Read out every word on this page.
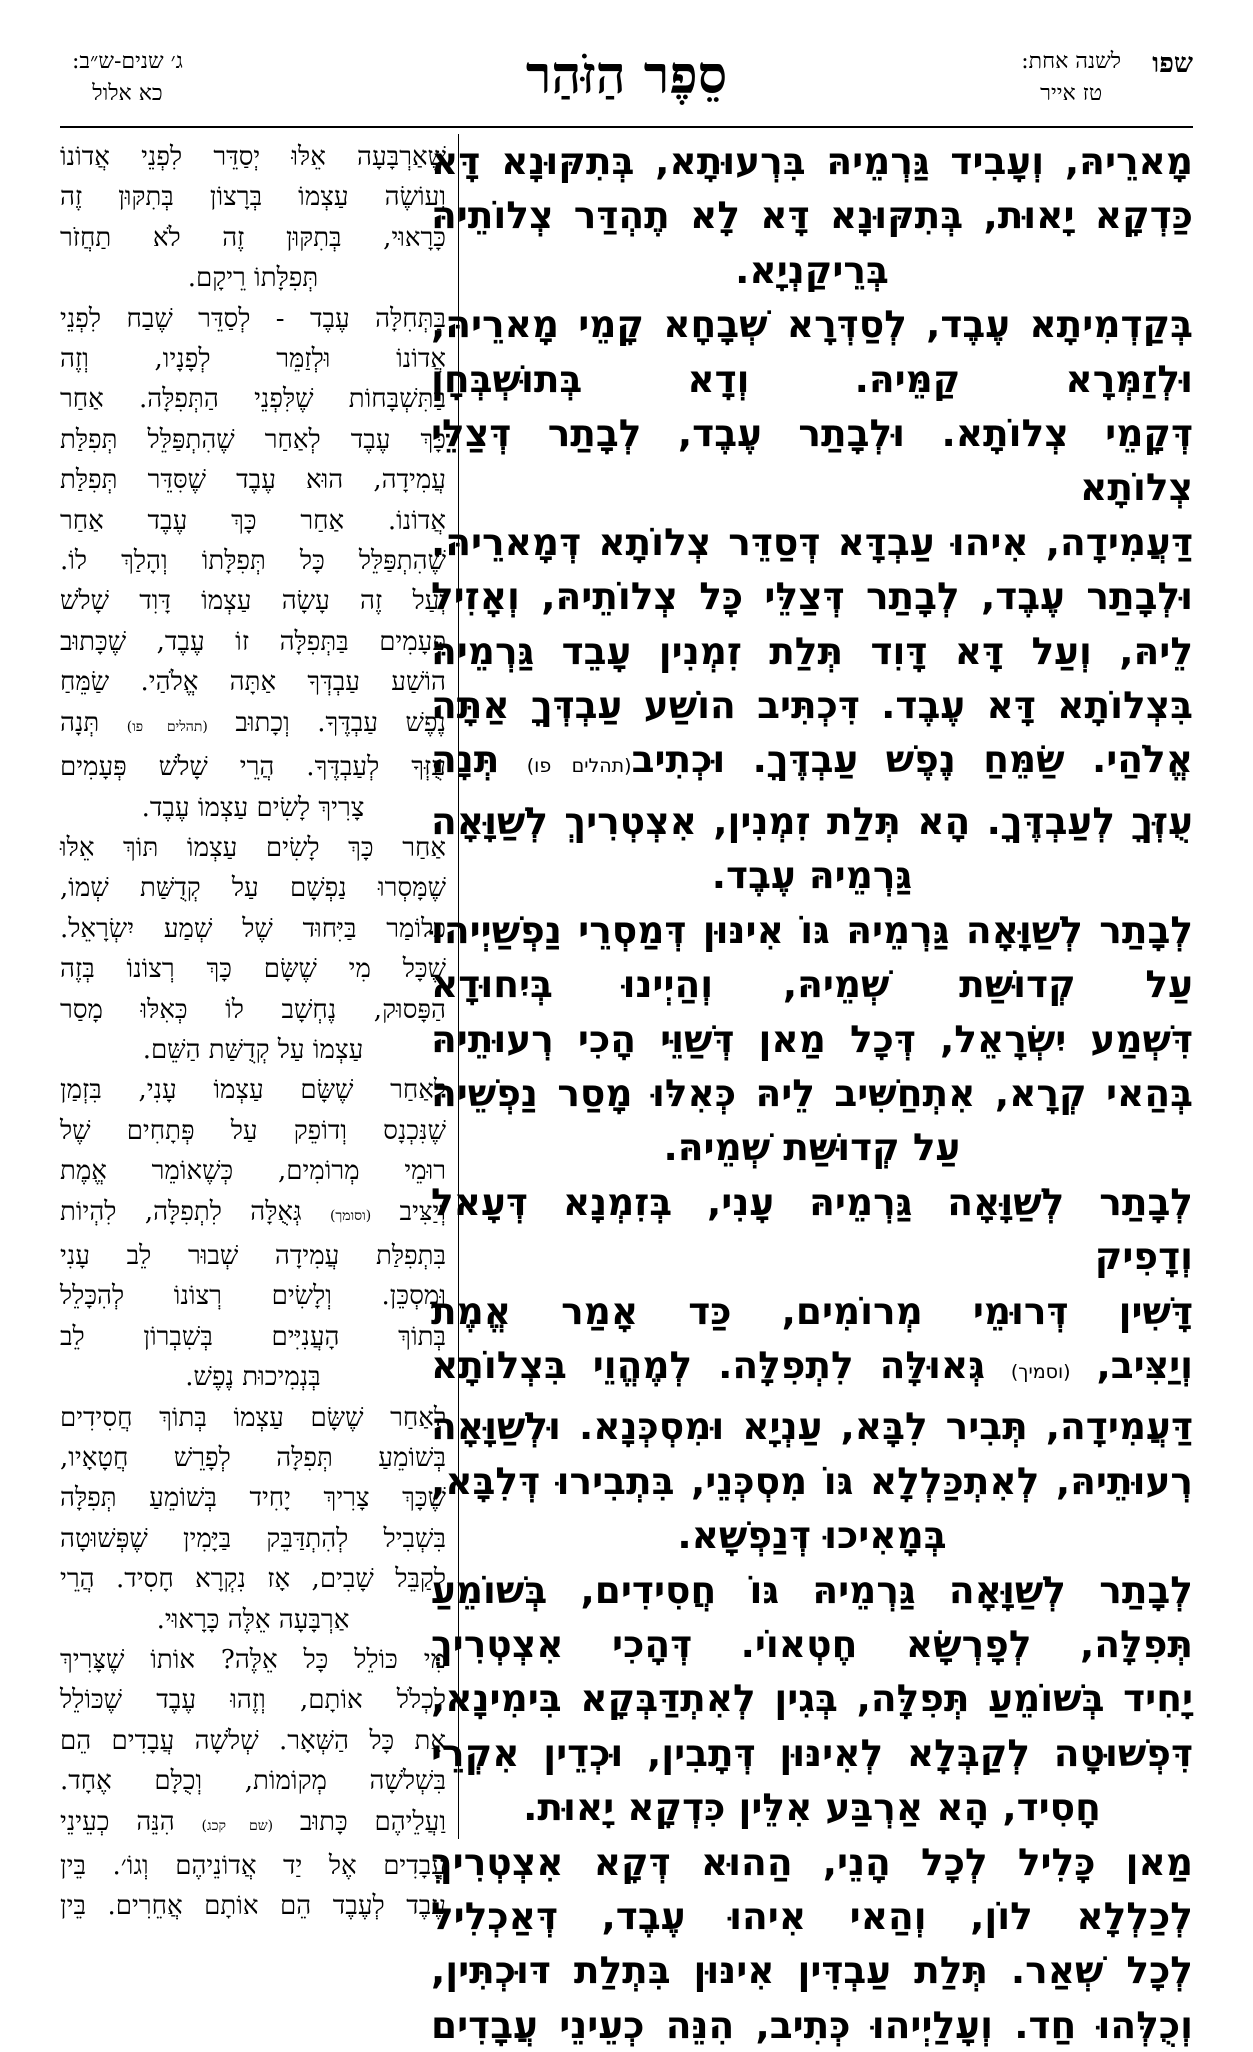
שפו
לשנה אחת:
טז אייר
סֵפֶר הַזֹּהַר
ג׳ שנים-ש״ב:
כא אלול

מָארֵיהּ, וְעָבִיד גַּרְמֵיהּ בִּרְעוּתָא, בְּתִקּוּנָא דָּא

כַּדְקָא יָאוּת, בְּתִקּוּנָא דָּא לָא תֶהְדַּר צְלוֹתֵיהּ

בְּרֵיקַנְיָא.

בְּקַדְמִיתָא עֶבֶד, לְסַדְּרָא שְׁבָחָא קָמֵי מָארֵיהּ,

וּלְזַמְּרָא קַמֵּיהּ. וְדָא בְּתוּשְׁבְּחָן

דְּקָמֵי צְלוֹתָא. וּלְבָתַר עֶבֶד, לְבָתַר דְּצַלֵּי צְלוֹתָא

דַּעֲמִידָה, אִיהוּ עַבְדָּא דְּסַדֵּר צְלוֹתָא דְּמָארֵיהּ.

וּלְבָתַר עֶבֶד, לְבָתַר דְּצַלֵּי כָּל צְלוֹתֵיהּ, וְאָזִיל

לֵיהּ, וְעַל דָּא דָּוִד תְּלַת זִמְנִין עָבֵד גַּרְמֵיהּ

בִּצְלוֹתָא דָּא עֶבֶד. דִּכְתִּיב הוֹשַׁע עַבְדְּךָ אַתָּה

אֱלֹהַי. שַׂמֵּחַ נֶפֶשׁ עַבְדֶּךָ. וּכְתִיב(תהלים פו) תְּנָה

עֻזְּךָ לְעַבְדֶּךָ. הָא תְּלַת זִמְנִין, אִצְטְרִיךְ לְשַׁוָּאָה

גַּרְמֵיהּ עֶבֶד.

לְבָתַר לְשַׁוָּאָה גַּרְמֵיהּ גּוֹ אִינּוּן דְּמַסְרֵי נַפְשַׁיְיהוּ

עַל קְדוּשַּׁת שְׁמֵיהּ, וְהַיְינוּ בְּיִחוּדָא

דִּשְׁמַע יִשְׂרָאֵל, דְּכָל מַאן דְּשַׁוֵּי הָכִי רְעוּתֵיהּ

בְּהַאי קְרָא, אִתְחַשִּׁיב לֵיהּ כְּאִלּוּ מָסַר נַפְשֵׁיהּ

עַל קְדוּשַּׁת שְׁמֵיהּ.

לְבָתַר לְשַׁוָּאָה גַּרְמֵיהּ עָנִי, בְּזִמְנָא דְּעָאל וְדָפִיק

דָּשִׁין דְּרוּמֵי מְרוֹמִים, כַּד אָמַר אֱמֶת

וְיַצִּיב, (וסמיך) גְּאוּלָּה לִתְפִלָּה. לְמֶהֱוֵי בִּצְלוֹתָא

דַּעֲמִידָה, תְּבִיר לִבָּא, עַנְיָא וּמִסְכְּנָא. וּלְשַׁוָּאָה

רְעוּתֵיהּ, לְאִתְכַּלְלָא גּוֹ מִסְכְּנֵי, בִּתְבִירוּ דְּלִבָּא,

בְּמָאִיכוּ דְּנַפְשָׁא.

לְבָתַר לְשַׁוָּאָה גַּרְמֵיהּ גּוֹ חֲסִידִים, בְּשׁוֹמֵעַ

תְּפִלָּה, לְפָרְשָׂא חֶטְאוֹי. דְּהָכִי אִצְטְרִיךְ

יָחִיד בְּשׁוֹמֵעַ תְּפִלָּה, בְּגִין לְאִתְדַּבְּקָא בִּימִינָא,

דִּפְשׁוּטָה לְקַבְּלָא לְאִינּוּן דְּתָבִין, וּכְדֵין אִקְרֵי

חָסִיד, הָא אַרְבַּע אִלֵּין כִּדְקָא יָאוּת.

מַאן כָּלִיל לְכָל הָנֵי, הַהוּא דְּקָא אִצְטְרִיךְ

לְכַלְלָא לוֹן, וְהַאי אִיהוּ עֶבֶד, דְּאַכְלִיל

לְכָל שְׁאַר. תְּלַת עַבְדִּין אִינּוּן בִּתְלַת דּוּכְתִּין,

וְכֻלְּהוּ חַד. וְעָלַיְיהוּ כְּתִיב, הִנֵּה כְעֵינֵי עֲבָדִים

שֶׁאַרְבָּעָה אֵלּוּ יְסַדֵּר לִפְנֵי אֲדוֹנוֹ

וְעוֹשֶׂה עַצְמוֹ בְּרָצוֹן בְּתִקּוּן זֶה

כָּרָאוּי, בְּתִקּוּן זֶה לֹא תַחֲזֹר

תְּפִלָּתוֹ רֵיקָם.

בַּתְּחִלָּה עֶבֶד - לְסַדֵּר שֶׁבַח לִפְנֵי

אֲדוֹנוֹ וּלְזַמֵּר לְפָנָיו, וְזֶה

בַּתִּשְׁבָּחוֹת שֶׁלִּפְנֵי הַתְּפִלָּה. אַחַר

כָּךְ עֶבֶד לְאַחַר שֶׁהִתְפַּלֵּל תְּפִלַּת

עֲמִידָה, הוּא עֶבֶד שֶׁסִּדֵּר תְּפִלַּת

אֲדוֹנוֹ. אַחַר כָּךְ עֶבֶד אַחַר

שֶׁהִתְפַּלֵּל כָּל תְּפִלָּתוֹ וְהָלַךְ לוֹ.

וְעַל זֶה עָשָׂה עַצְמוֹ דָּוִד שָׁלֹשׁ

פְּעָמִים בַּתְּפִלָּה זוֹ עֶבֶד, שֶׁכָּתוּב

הוֹשַׁע עַבְדְּךָ אַתָּה אֱלֹהַי. שַׂמֵּחַ

נֶפֶשׁ עַבְדֶּךָ. וְכָתוּב (תהלים פו) תְּנָה

עֻזְּךָ לְעַבְדֶּךָ. הֲרֵי שָׁלֹשׁ פְּעָמִים

צָרִיךְ לָשִׂים עַצְמוֹ עֶבֶד.

אַחַר כָּךְ לָשִׂים עַצְמוֹ תּוֹךְ אֵלּוּ

שֶׁמָּסְרוּ נַפְשָׁם עַל קְדֻשַּׁת שְׁמוֹ,

כְּלוֹמַר בַּיִּחוּד שֶׁל שְׁמַע יִשְׂרָאֵל.

שֶׁכָּל מִי שֶׁשָּׂם כָּךְ רְצוֹנוֹ בְּזֶה

הַפָּסוּק, נֶחְשָׁב לוֹ כְּאִלּוּ מָסַר

עַצְמוֹ עַל קְדֻשַּׁת הַשֵּׁם.

לְאַחַר שֶׁשָּׂם עַצְמוֹ עָנִי, בִּזְמַן

שֶׁנִּכְנָס וְדוֹפֵק עַל פְּתָחִים שֶׁל

רוּמֵי מְרוֹמִים, כְּשֶׁאוֹמֵר אֱמֶת

וְיַצִּיב (וסומך) גְּאֻלָּה לִתְפִלָּה, לִהְיוֹת

בִּתְפִלַּת עֲמִידָה שְׁבוּר לֵב עָנִי

וּמִסְכֵּן. וְלָשִׂים רְצוֹנוֹ לְהִכָּלֵל

בְּתוֹךְ הָעֲנִיִּים בְּשִׁבְרוֹן לֵב

בְּנְמִיכוּת נֶפֶשׁ.

לְאַחַר שֶׁשָּׂם עַצְמוֹ בְּתוֹךְ חֲסִידִים

בְּשׁוֹמֵעַ תְּפִלָּה לְפָרֵשׁ חֲטָאָיו,

שֶׁכָּךְ צָרִיךְ יָחִיד בְּשׁוֹמֵעַ תְּפִלָּה

בִּשְׁבִיל לְהִתְדַּבֵּק בַּיָּמִין שֶׁפְּשׁוּטָה

לְקַבֵּל שָׁבִים, אָז נִקְרָא חָסִיד. הֲרֵי

אַרְבָּעָה אֵלֶּה כָּרָאוּי.

מִי כּוֹלֵל כָּל אֵלֶּה? אוֹתוֹ שֶׁצָּרִיךְ

לִכְלֹל אוֹתָם, וְזֶהוּ עֶבֶד שֶׁכּוֹלֵל

אֶת כָּל הַשְּׁאָר. שְׁלֹשָׁה עֲבָדִים הֵם

בִּשְׁלֹשָׁה מְקוֹמוֹת, וְכֻלָּם אֶחָד.

וַעֲלֵיהֶם כָּתוּב (שם קכג) הִנֵּה כְעֵינֵי

עֲבָדִים אֶל יַד אֲדוֹנֵיהֶם וְגוֹ׳. בֵּין

עֶבֶד לְעֶבֶד הֵם אוֹתָם אֲחֵרִים. בֵּין
